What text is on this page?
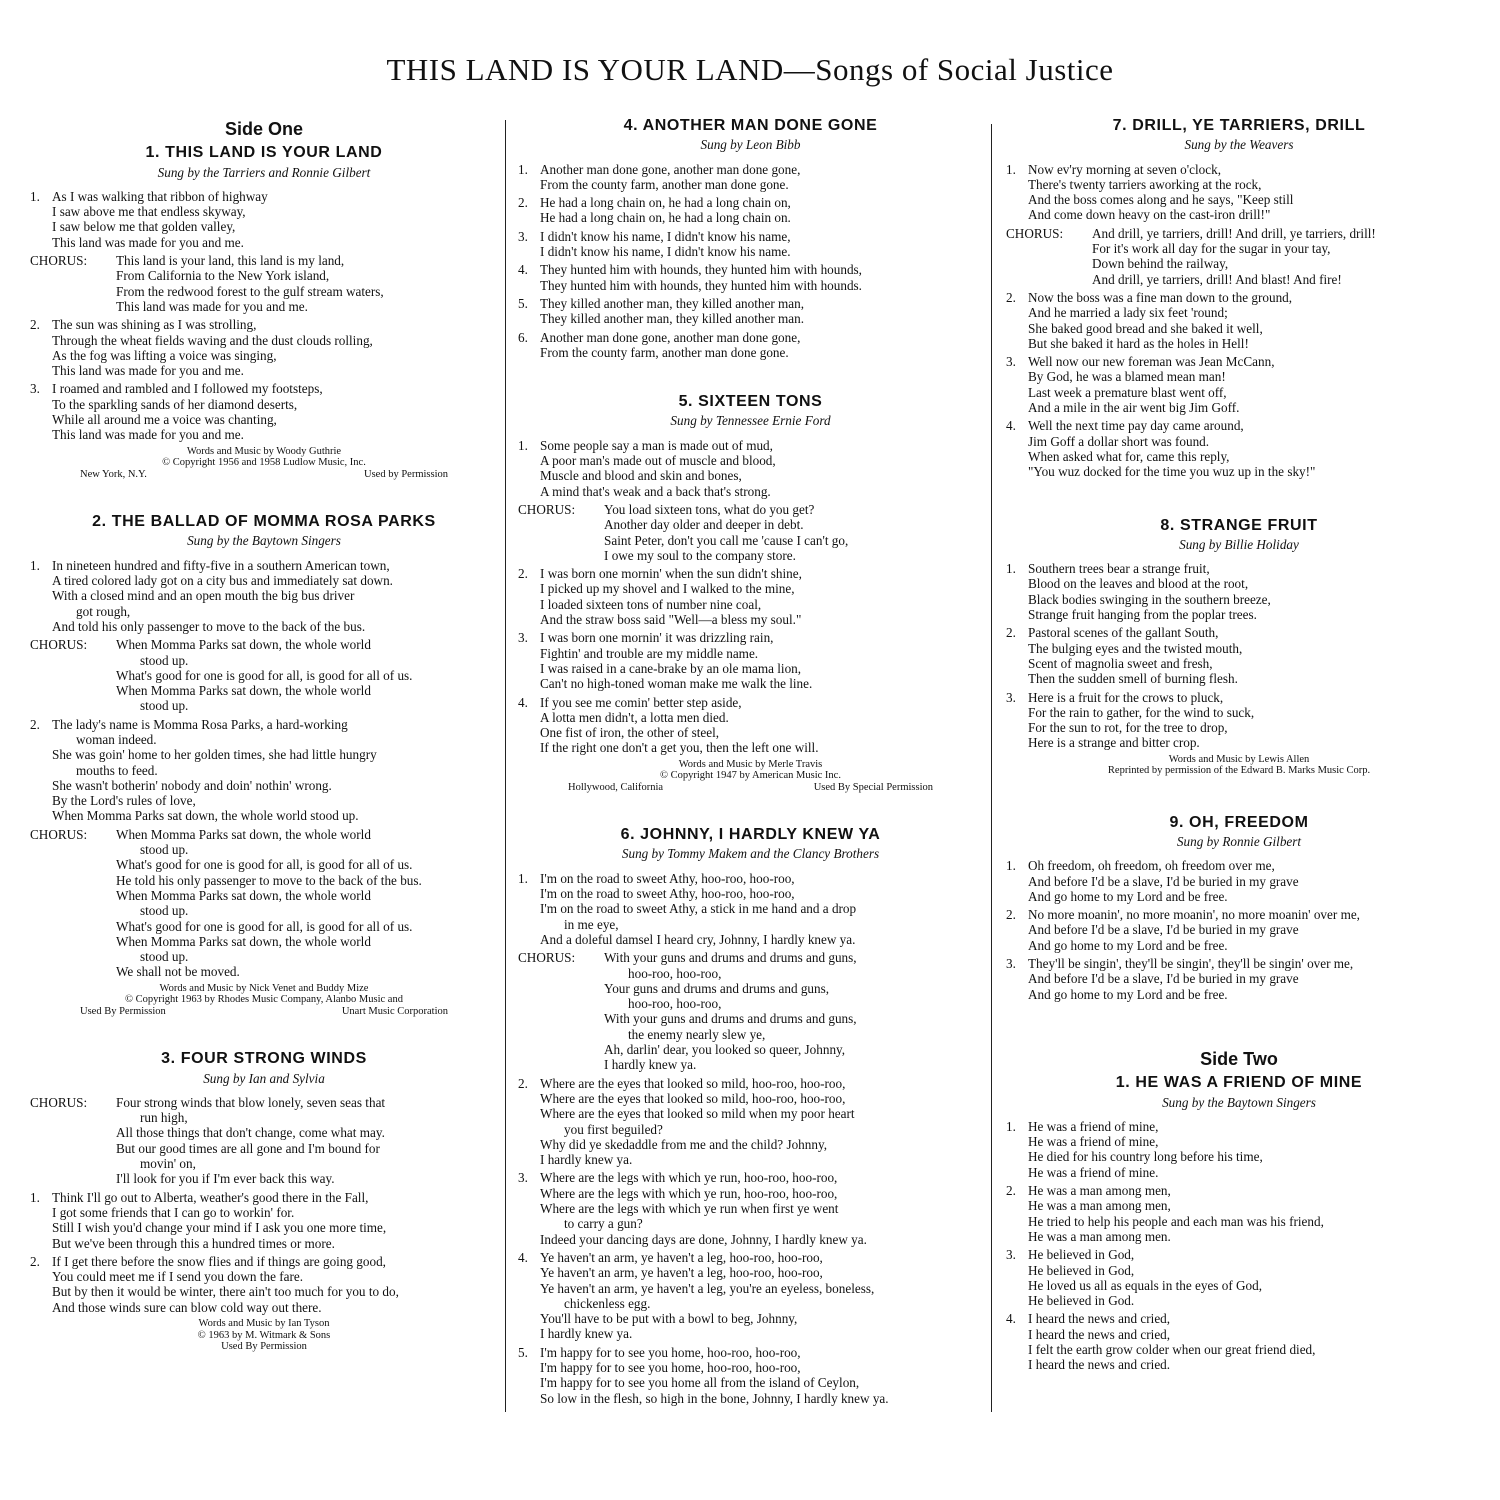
THIS LAND IS YOUR LAND—Songs of Social Justice
Side One
1. THIS LAND IS YOUR LAND
Sung by the Tarriers and Ronnie Gilbert
1. As I was walking that ribbon of highway
I saw above me that endless skyway,
I saw below me that golden valley,
This land was made for you and me.
CHORUS:	This land is your land, this land is my land,
From California to the New York island,
From the redwood forest to the gulf stream waters,
This land was made for you and me.
2. The sun was shining as I was strolling,
Through the wheat fields waving and the dust clouds rolling,
As the fog was lifting a voice was singing,
This land was made for you and me.
3. I roamed and rambled and I followed my footsteps,
To the sparkling sands of her diamond deserts,
While all around me a voice was chanting,
This land was made for you and me.
Words and Music by Woody Guthrie
© Copyright 1956 and 1958 Ludlow Music, Inc.
New York, N.Y.	Used by Permission
2. THE BALLAD OF MOMMA ROSA PARKS
Sung by the Baytown Singers
1. In nineteen hundred and fifty-five in a southern American town,
A tired colored lady got on a city bus and immediately sat down.
With a closed mind and an open mouth the big bus driver
got rough,
And told his only passenger to move to the back of the bus.
CHORUS:	When Momma Parks sat down, the whole world
stood up.
What's good for one is good for all, is good for all of us.
When Momma Parks sat down, the whole world
stood up.
2. The lady's name is Momma Rosa Parks, a hard-working
woman indeed.
She was goin' home to her golden times, she had little hungry
mouths to feed.
She wasn't botherin' nobody and doin' nothin' wrong.
By the Lord's rules of love,
When Momma Parks sat down, the whole world stood up.
CHORUS:	When Momma Parks sat down, the whole world
stood up.
What's good for one is good for all, is good for all of us.
He told his only passenger to move to the back of the bus.
When Momma Parks sat down, the whole world
stood up.
What's good for one is good for all, is good for all of us.
When Momma Parks sat down, the whole world
stood up.
We shall not be moved.
Words and Music by Nick Venet and Buddy Mize
© Copyright 1963 by Rhodes Music Company, Alanbo Music and
Used By Permission	Unart Music Corporation
3. FOUR STRONG WINDS
Sung by Ian and Sylvia
CHORUS:	Four strong winds that blow lonely, seven seas that
run high,
All those things that don't change, come what may.
But our good times are all gone and I'm bound for
movin' on,
I'll look for you if I'm ever back this way.
1. Think I'll go out to Alberta, weather's good there in the Fall,
I got some friends that I can go to workin' for.
Still I wish you'd change your mind if I ask you one more time,
But we've been through this a hundred times or more.
2. If I get there before the snow flies and if things are going good,
You could meet me if I send you down the fare.
But by then it would be winter, there ain't too much for you to do,
And those winds sure can blow cold way out there.
Words and Music by Ian Tyson
© 1963 by M. Witmark & Sons
Used By Permission
4. ANOTHER MAN DONE GONE
Sung by Leon Bibb
1. Another man done gone, another man done gone,
From the county farm, another man done gone.
2. He had a long chain on, he had a long chain on,
He had a long chain on, he had a long chain on.
3. I didn't know his name, I didn't know his name,
I didn't know his name, I didn't know his name.
4. They hunted him with hounds, they hunted him with hounds,
They hunted him with hounds, they hunted him with hounds.
5. They killed another man, they killed another man,
They killed another man, they killed another man.
6. Another man done gone, another man done gone,
From the county farm, another man done gone.
5. SIXTEEN TONS
Sung by Tennessee Ernie Ford
1. Some people say a man is made out of mud,
A poor man's made out of muscle and blood,
Muscle and blood and skin and bones,
A mind that's weak and a back that's strong.
CHORUS:	You load sixteen tons, what do you get?
Another day older and deeper in debt.
Saint Peter, don't you call me 'cause I can't go,
I owe my soul to the company store.
2. I was born one mornin' when the sun didn't shine,
I picked up my shovel and I walked to the mine,
I loaded sixteen tons of number nine coal,
And the straw boss said "Well—a bless my soul."
3. I was born one mornin' it was drizzling rain,
Fightin' and trouble are my middle name.
I was raised in a cane-brake by an ole mama lion,
Can't no high-toned woman make me walk the line.
4. If you see me comin' better step aside,
A lotta men didn't, a lotta men died.
One fist of iron, the other of steel,
If the right one don't a get you, then the left one will.
Words and Music by Merle Travis
© Copyright 1947 by American Music Inc.
Hollywood, California	Used By Special Permission
6. JOHNNY, I HARDLY KNEW YA
Sung by Tommy Makem and the Clancy Brothers
1. I'm on the road to sweet Athy, hoo-roo, hoo-roo,
I'm on the road to sweet Athy, hoo-roo, hoo-roo,
I'm on the road to sweet Athy, a stick in me hand and a drop
in me eye,
And a doleful damsel I heard cry, Johnny, I hardly knew ya.
CHORUS:	With your guns and drums and drums and guns,
hoo-roo, hoo-roo,
Your guns and drums and drums and guns,
hoo-roo, hoo-roo,
With your guns and drums and drums and guns,
the enemy nearly slew ye,
Ah, darlin' dear, you looked so queer, Johnny,
I hardly knew ya.
2. Where are the eyes that looked so mild, hoo-roo, hoo-roo,
Where are the eyes that looked so mild, hoo-roo, hoo-roo,
Where are the eyes that looked so mild when my poor heart
you first beguiled?
Why did ye skedaddle from me and the child? Johnny,
I hardly knew ya.
3. Where are the legs with which ye run, hoo-roo, hoo-roo,
Where are the legs with which ye run, hoo-roo, hoo-roo,
Where are the legs with which ye run when first ye went
to carry a gun?
Indeed your dancing days are done, Johnny, I hardly knew ya.
4. Ye haven't an arm, ye haven't a leg, hoo-roo, hoo-roo,
Ye haven't an arm, ye haven't a leg, hoo-roo, hoo-roo,
Ye haven't an arm, ye haven't a leg, you're an eyeless, boneless,
chickenless egg.
You'll have to be put with a bowl to beg, Johnny,
I hardly knew ya.
5. I'm happy for to see you home, hoo-roo, hoo-roo,
I'm happy for to see you home, hoo-roo, hoo-roo,
I'm happy for to see you home all from the island of Ceylon,
So low in the flesh, so high in the bone, Johnny, I hardly knew ya.
7. DRILL, YE TARRIERS, DRILL
Sung by the Weavers
1. Now ev'ry morning at seven o'clock,
There's twenty tarriers aworking at the rock,
And the boss comes along and he says, "Keep still
And come down heavy on the cast-iron drill!"
CHORUS:	And drill, ye tarriers, drill! And drill, ye tarriers, drill!
For it's work all day for the sugar in your tay,
Down behind the railway,
And drill, ye tarriers, drill! And blast! And fire!
2. Now the boss was a fine man down to the ground,
And he married a lady six feet 'round;
She baked good bread and she baked it well,
But she baked it hard as the holes in Hell!
3. Well now our new foreman was Jean McCann,
By God, he was a blamed mean man!
Last week a premature blast went off,
And a mile in the air went big Jim Goff.
4. Well the next time pay day came around,
Jim Goff a dollar short was found.
When asked what for, came this reply,
"You wuz docked for the time you wuz up in the sky!"
8. STRANGE FRUIT
Sung by Billie Holiday
1. Southern trees bear a strange fruit,
Blood on the leaves and blood at the root,
Black bodies swinging in the southern breeze,
Strange fruit hanging from the poplar trees.
2. Pastoral scenes of the gallant South,
The bulging eyes and the twisted mouth,
Scent of magnolia sweet and fresh,
Then the sudden smell of burning flesh.
3. Here is a fruit for the crows to pluck,
For the rain to gather, for the wind to suck,
For the sun to rot, for the tree to drop,
Here is a strange and bitter crop.
Words and Music by Lewis Allen
Reprinted by permission of the Edward B. Marks Music Corp.
9. OH, FREEDOM
Sung by Ronnie Gilbert
1. Oh freedom, oh freedom, oh freedom over me,
And before I'd be a slave, I'd be buried in my grave
And go home to my Lord and be free.
2. No more moanin', no more moanin', no more moanin' over me,
And before I'd be a slave, I'd be buried in my grave
And go home to my Lord and be free.
3. They'll be singin', they'll be singin', they'll be singin' over me,
And before I'd be a slave, I'd be buried in my grave
And go home to my Lord and be free.
Side Two
1. HE WAS A FRIEND OF MINE
Sung by the Baytown Singers
1. He was a friend of mine,
He was a friend of mine,
He died for his country long before his time,
He was a friend of mine.
2. He was a man among men,
He was a man among men,
He tried to help his people and each man was his friend,
He was a man among men.
3. He believed in God,
He believed in God,
He loved us all as equals in the eyes of God,
He believed in God.
4. I heard the news and cried,
I heard the news and cried,
I felt the earth grow colder when our great friend died,
I heard the news and cried.
